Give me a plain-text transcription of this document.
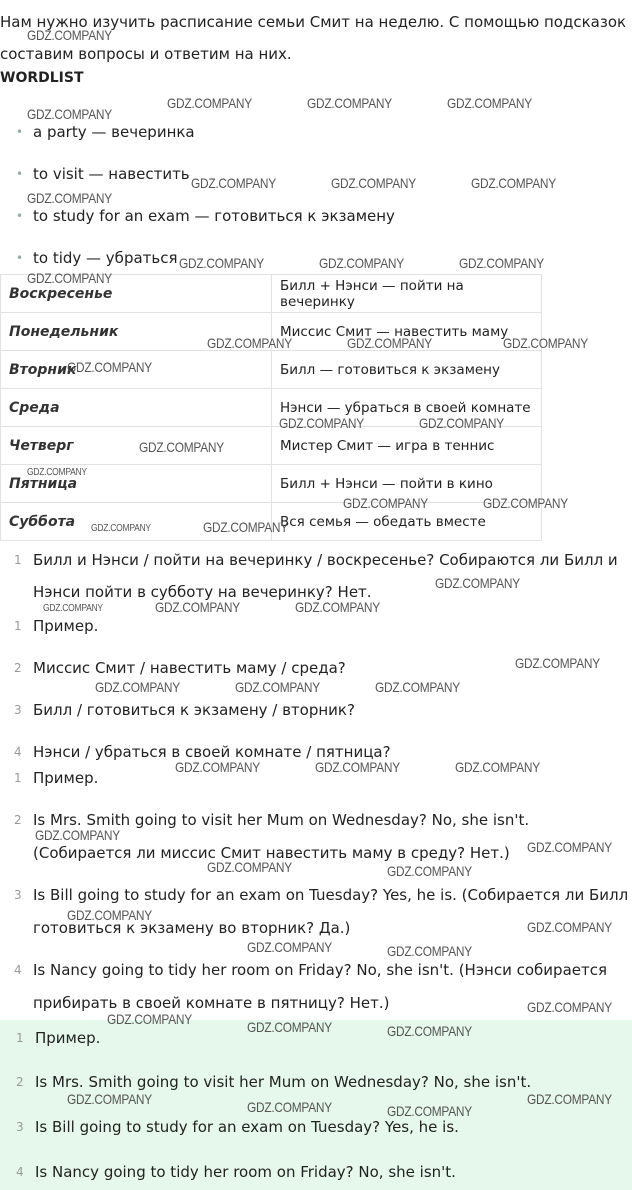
Нам нужно изучить расписание семьи Смит на неделю. С помощью подсказок составим вопросы и ответим на них.
WORDLIST
• a party — вечеринка
• to visit — навестить
• to study for an exam — готовиться к экзамену
• to tidy — убраться
Воскресенье	Билл + Нэнси — пойти на вечеринку
Понедельник	Миссис Смит — навестить маму
Вторник	Билл — готовиться к экзамену
Среда	Нэнси — убраться в своей комнате
Четверг	Мистер Смит — игра в теннис
Пятница	Билл + Нэнси — пойти в кино
Суббота	Вся семья — обедать вместе
1 Билл и Нэнси / пойти на вечеринку / воскресенье? Собираются ли Билл и Нэнси пойти в субботу на вечеринку? Нет.
1 Пример.
2 Миссис Смит / навестить маму / среда?
3 Билл / готовиться к экзамену / вторник?
4 Нэнси / убраться в своей комнате / пятница?
1 Пример.
2 Is Mrs. Smith going to visit her Mum on Wednesday? No, she isn't. (Собирается ли миссис Смит навестить маму в среду? Нет.)
3 Is Bill going to study for an exam on Tuesday? Yes, he is. (Собирается ли Билл готовиться к экзамену во вторник? Да.)
4 Is Nancy going to tidy her room on Friday? No, she isn't. (Нэнси собирается прибирать в своей комнате в пятницу? Нет.)
1 Пример.
2 Is Mrs. Smith going to visit her Mum on Wednesday? No, she isn't.
3 Is Bill going to study for an exam on Tuesday? Yes, he is.
4 Is Nancy going to tidy her room on Friday? No, she isn't.
GDZ.COMPANY
GDZ.COMPANY
GDZ.COMPANY	GDZ.COMPANY	GDZ.COMPANY
GDZ.COMPANY	GDZ.COMPANY	GDZ.COMPANY
GDZ.COMPANY
GDZ.COMPANY	GDZ.COMPANY	GDZ.COMPANY
GDZ.COMPANY
GDZ.COMPANY	GDZ.COMPANY	GDZ.COMPANY
GDZ.COMPANY
GDZ.COMPANY	GDZ.COMPANY
GDZ.COMPANY
GDZ.COMPANY
GDZ.COMPANY	GDZ.COMPANY
GDZ.COMPANY	GDZ.COMPANY
GDZ.COMPANY
GDZ.COMPANY	GDZ.COMPANY	GDZ.COMPANY
GDZ.COMPANY
GDZ.COMPANY	GDZ.COMPANY	GDZ.COMPANY
GDZ.COMPANY	GDZ.COMPANY	GDZ.COMPANY
GDZ.COMPANY
GDZ.COMPANY
GDZ.COMPANY	GDZ.COMPANY
GDZ.COMPANY
GDZ.COMPANY
GDZ.COMPANY	GDZ.COMPANY
GDZ.COMPANY
GDZ.COMPANY	GDZ.COMPANY	GDZ.COMPANY
GDZ.COMPANY	GDZ.COMPANY
GDZ.COMPANY	GDZ.COMPANY
